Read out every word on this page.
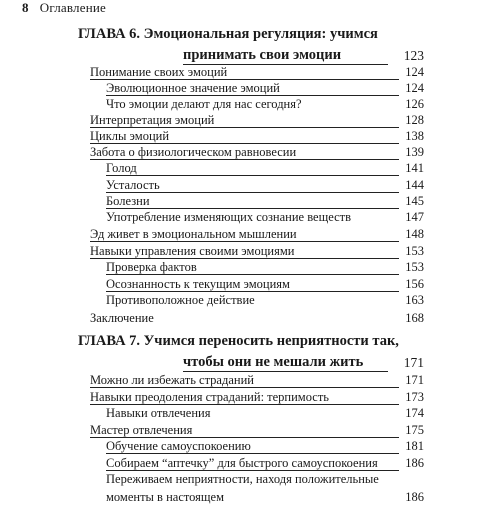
8 Оглавление
ГЛАВА 6. Эмоциональная регуляция: учимся
принимать свои эмоции	123
Понимание своих эмоций	124
Эволюционное значение эмоций	124
Что эмоции делают для нас сегодня?	126
Интерпретация эмоций	128
Циклы эмоций	138
Забота о физиологическом равновесии	139
Голод	141
Усталость	144
Болезни	145
Употребление изменяющих сознание веществ	147
Эд живет в эмоциональном мышлении	148
Навыки управления своими эмоциями	153
Проверка фактов	153
Осознанность к текущим эмоциям	156
Противоположное действие	163
Заключение	168
ГЛАВА 7. Учимся переносить неприятности так,
чтобы они не мешали жить	171
Можно ли избежать страданий	171
Навыки преодоления страданий: терпимость	173
Навыки отвлечения	174
Мастер отвлечения	175
Обучение самоуспокоению	181
Собираем “аптечку” для быстрого самоуспокоения 186
Переживаем неприятности, находя положительные
моменты в настоящем	186
